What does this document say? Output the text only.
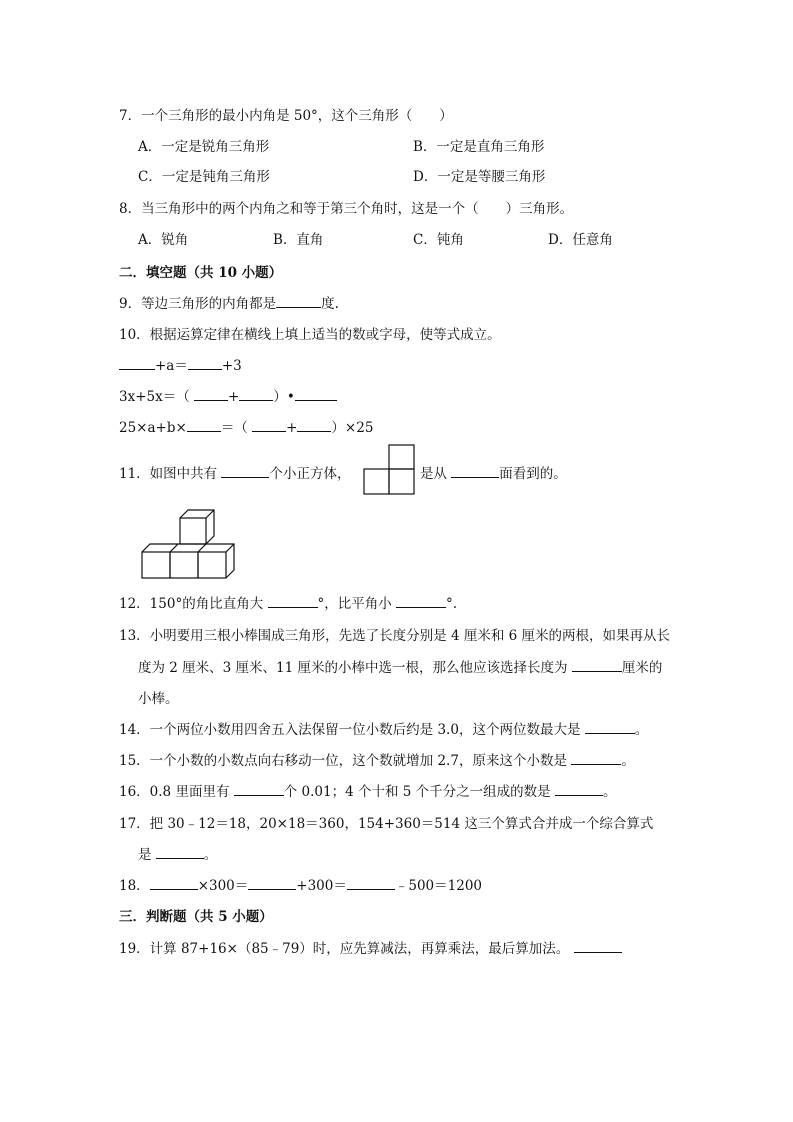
7．一个三角形的最小内角是 50°，这个三角形（　　）
A．一定是锐角三角形	B．一定是直角三角形
C．一定是钝角三角形	D．一定是等腰三角形
8．当三角形中的两个内角之和等于第三个角时，这是一个（　　）三角形。
A．锐角	B．直角	C．钝角	D．任意角
二．填空题（共 10 小题）
9．等边三角形的内角都是	度.
10．根据运算定律在横线上填上适当的数或字母，使等式成立。
+a＝	+3
3x+5x＝（	+	）•
25×a+b×	＝（	+	）×25
11．如图中共有	个小正方体，	是从	面看到的。
12．150°的角比直角大	°，比平角小	°.
13．小明要用三根小棒围成三角形，先选了长度分别是 4 厘米和 6 厘米的两根，如果再从长
度为 2 厘米、3 厘米、11 厘米的小棒中选一根，那么他应该选择长度为	厘米的
小棒。
14．一个两位小数用四舍五入法保留一位小数后约是 3.0，这个两位数最大是	。
15．一个小数的小数点向右移动一位，这个数就增加 2.7，原来这个小数是	。
16．0.8 里面里有	个 0.01；4 个十和 5 个千分之一组成的数是	。
17．把 30﹣12＝18，20×18＝360，154+360＝514 这三个算式合并成一个综合算式
是	。
18．	×300＝	+300＝	﹣500＝1200
三．判断题（共 5 小题）
19．计算 87+16×（85﹣79）时，应先算减法，再算乘法，最后算加法。
